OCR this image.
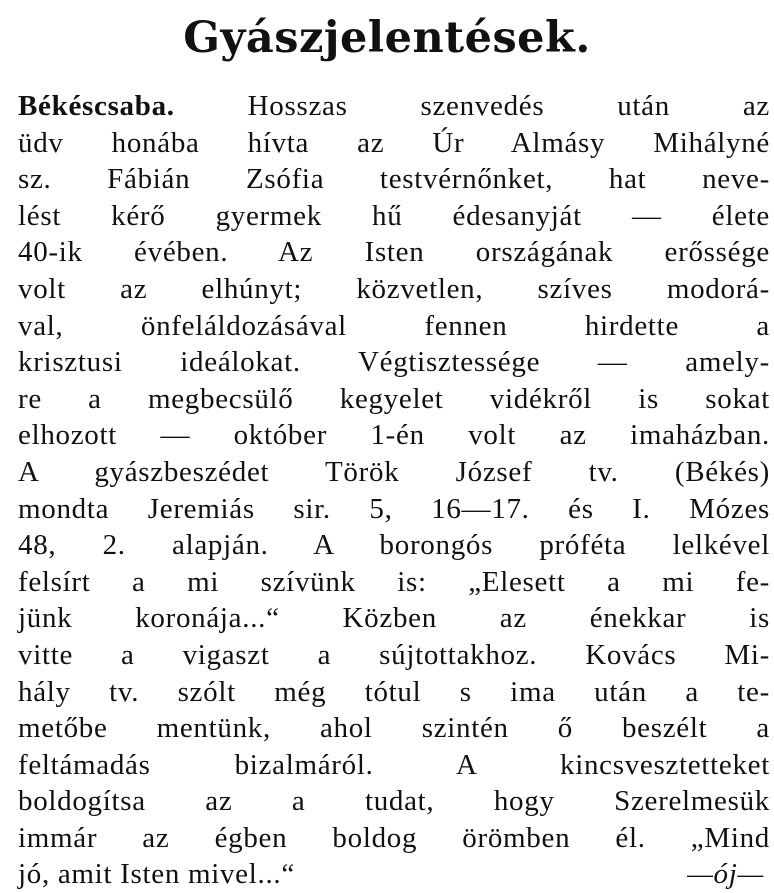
Gyászjelentések.
Békéscsaba. Hosszas szenvedés után az
üdv honába hívta az Úr Almásy Mihályné
sz. Fábián Zsófia testvérnőnket, hat neve-
lést kérő gyermek hű édesanyját — élete
40-ik évében. Az Isten országának erőssége
volt az elhúnyt; közvetlen, szíves modorá-
val, önfeláldozásával fennen hirdette a
krisztusi ideálokat. Végtisztessége — amely-
re a megbecsülő kegyelet vidékről is sokat
elhozott — október 1-én volt az imaházban.
A gyászbeszédet Török József tv. (Békés)
mondta Jeremiás sir. 5, 16—17. és I. Mózes
48, 2. alapján. A borongós próféta lelkével
felsírt a mi szívünk is: „Elesett a mi fe-
jünk koronája...“ Közben az énekkar is
vitte a vigaszt a sújtottakhoz. Kovács Mi-
hály tv. szólt még tótul s ima után a te-
metőbe mentünk, ahol szintén ő beszélt a
feltámadás bizalmáról. A kincsvesztetteket
boldogítsa az a tudat, hogy Szerelmesük
immár az égben boldog örömben él. „Mind
jó, amit Isten mivel...“	—ój—
